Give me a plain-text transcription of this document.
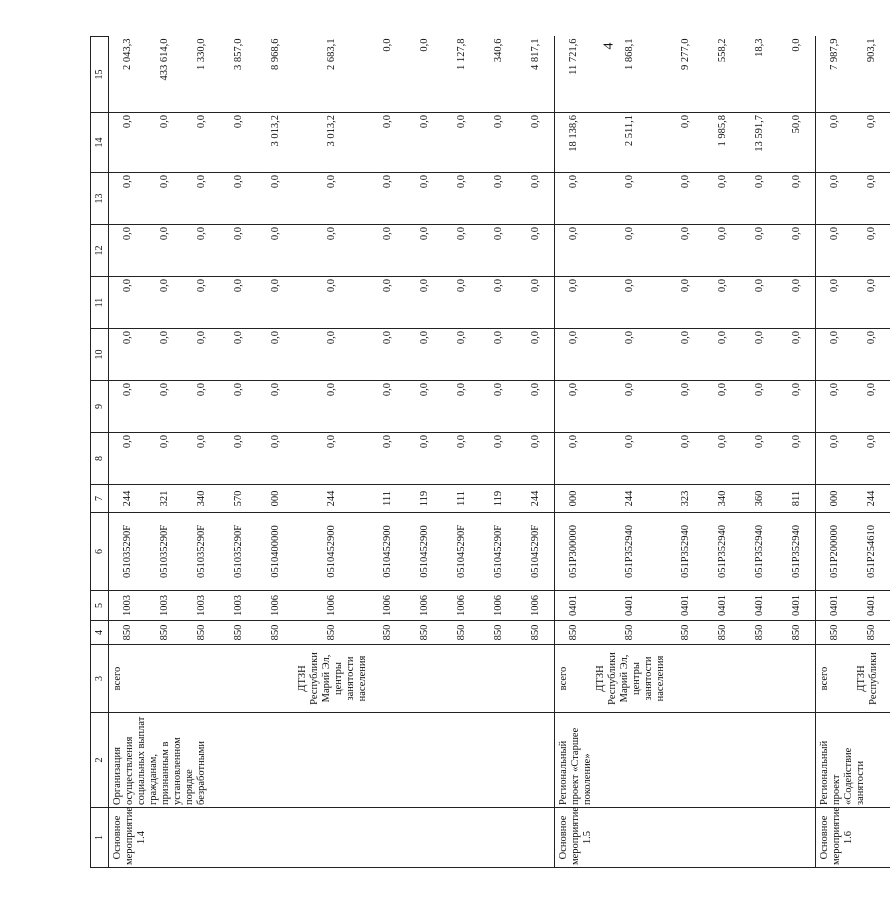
4
1	2	3	4	5	6	7	8	9	10	11	12	13	14	15
Основное мероприятие 1.4	Организация осуществления социальных выплат гражданам, признанным в установленном порядке безработными	всего	850	1003	051035290F	244	0,0	0,0	0,0	0,0	0,0	0,0	0,0	2 043,3
			850	1003	051035290F	321	0,0	0,0	0,0	0,0	0,0	0,0	0,0	433 614,0
			850	1003	051035290F	340	0,0	0,0	0,0	0,0	0,0	0,0	0,0	1 330,0
			850	1003	051035290F	570	0,0	0,0	0,0	0,0	0,0	0,0	0,0	3 857,0
			850	1006	0510400000	000	0,0	0,0	0,0	0,0	0,0	0,0	3 013,2	8 968,6
		ДТЗН Республики Марий Эл, центры занятости населения	850	1006	0510452900	244	0,0	0,0	0,0	0,0	0,0	0,0	3 013,2	2 683,1
			850	1006	0510452900	111	0,0	0,0	0,0	0,0	0,0	0,0	0,0	0,0
			850	1006	0510452900	119	0,0	0,0	0,0	0,0	0,0	0,0	0,0	0,0
			850	1006	051045290F	111	0,0	0,0	0,0	0,0	0,0	0,0	0,0	1 127,8
			850	1006	051045290F	119	0,0	0,0	0,0	0,0	0,0	0,0	0,0	340,6
			850	1006	051045290F	244	0,0	0,0	0,0	0,0	0,0	0,0	0,0	4 817,1
Основное мероприятие 1.5	Региональный проект «Старшее поколение»	всего	850	0401	051P300000	000	0,0	0,0	0,0	0,0	0,0	0,0	18 138,6	11 721,6
		ДТЗН Республики Марий Эл, центры занятости населения	850	0401	051P352940	244	0,0	0,0	0,0	0,0	0,0	0,0	2 511,1	1 868,1
			850	0401	051P352940	323	0,0	0,0	0,0	0,0	0,0	0,0	0,0	9 277,0
			850	0401	051P352940	340	0,0	0,0	0,0	0,0	0,0	0,0	1 985,8	558,2
			850	0401	051P352940	360	0,0	0,0	0,0	0,0	0,0	0,0	13 591,7	18,3
			850	0401	051P352940	811	0,0	0,0	0,0	0,0	0,0	0,0	50,0	0,0
Основное мероприятие 1.6	Региональный проект «Содействие занятости	всего	850	0401	051P200000	000	0,0	0,0	0,0	0,0	0,0	0,0	0,0	7 987,9
		ДТЗН Республики	850	0401	051P254610	244	0,0	0,0	0,0	0,0	0,0	0,0	0,0	903,1
